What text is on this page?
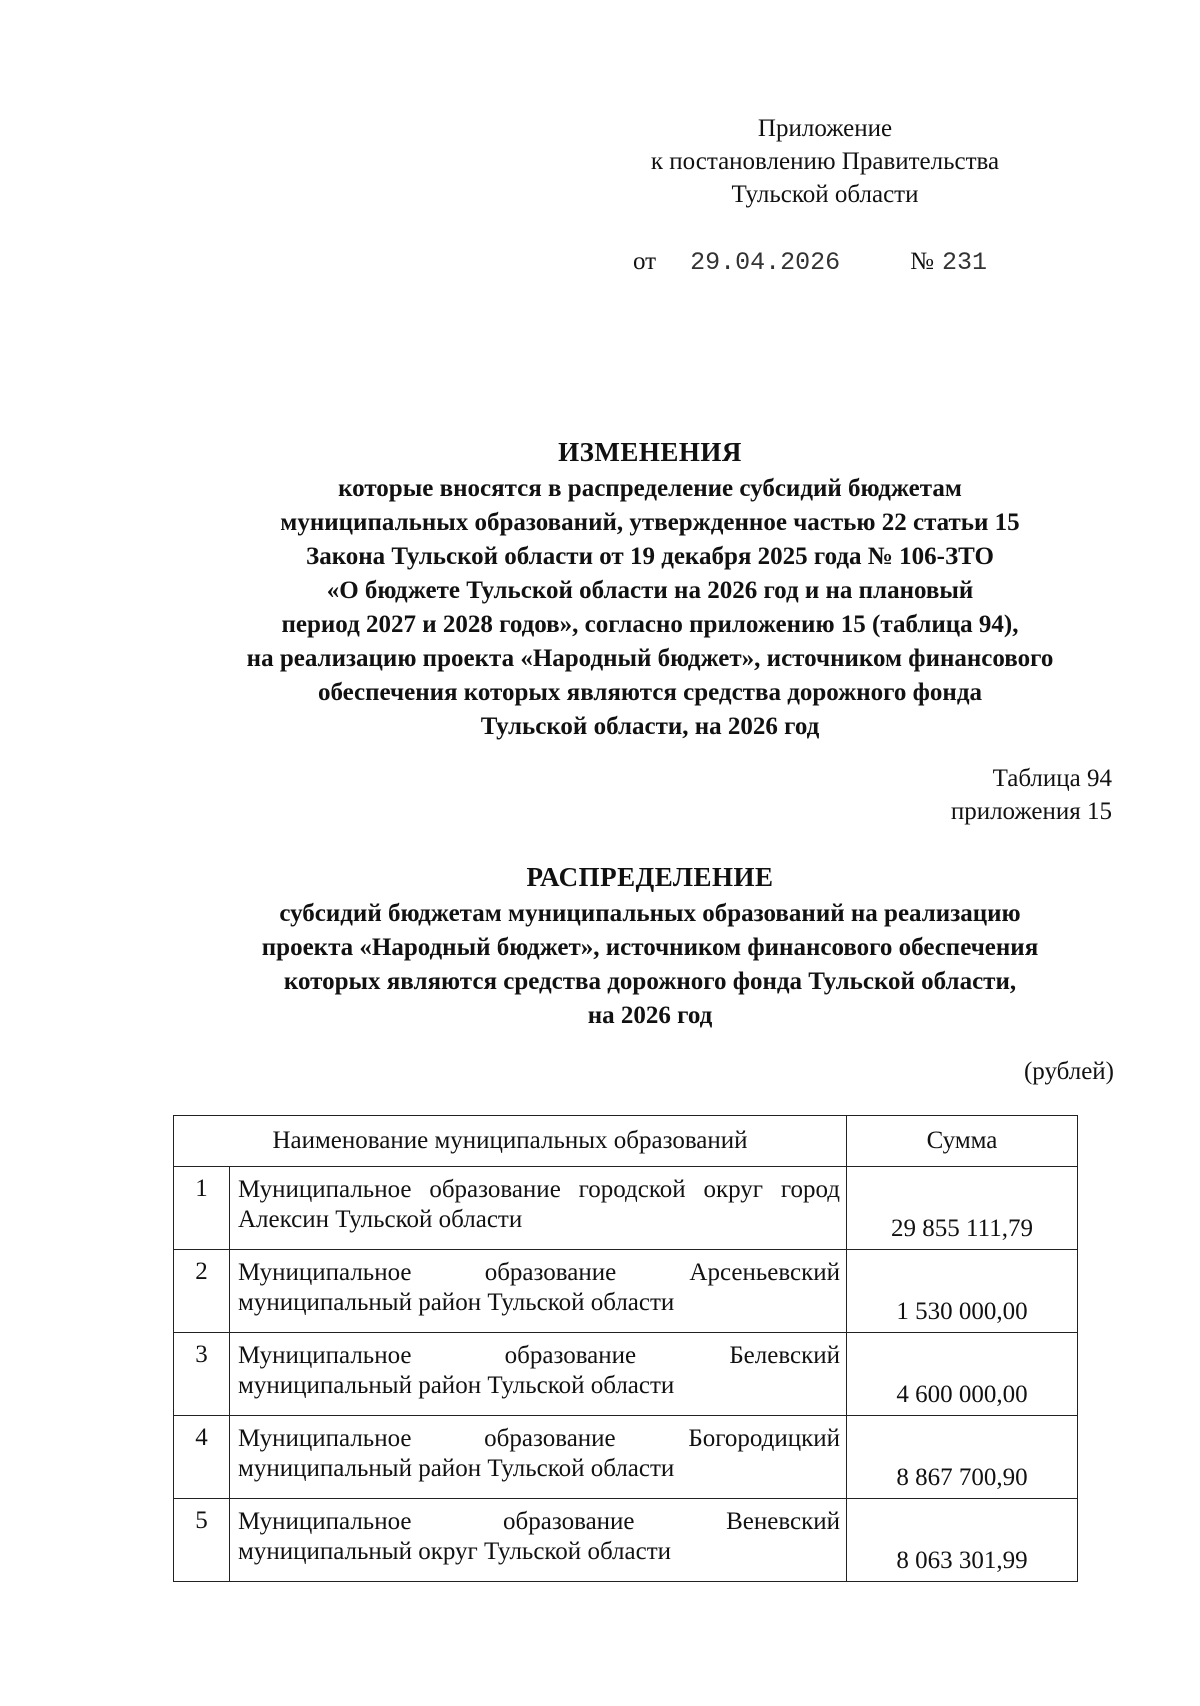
Приложение
к постановлению Правительства
Тульской области
от 29.04.2026	№ 231
ИЗМЕНЕНИЯ
которые вносятся в распределение субсидий бюджетам
муниципальных образований, утвержденное частью 22 статьи 15
Закона Тульской области от 19 декабря 2025 года № 106-ЗТО
«О бюджете Тульской области на 2026 год и на плановый
период 2027 и 2028 годов», согласно приложению 15 (таблица 94),
на реализацию проекта «Народный бюджет», источником финансового
обеспечения которых являются средства дорожного фонда
Тульской области, на 2026 год
Таблица 94
приложения 15
РАСПРЕДЕЛЕНИЕ
субсидий бюджетам муниципальных образований на реализацию
проекта «Народный бюджет», источником финансового обеспечения
которых являются средства дорожного фонда Тульской области,
на 2026 год
(рублей)
Наименование муниципальных образований		Сумма
1	Муниципальное образование городской округ город Алексин Тульской области	29 855 111,79
2	Муниципальное образование Арсеньевский муниципальный район Тульской области	1 530 000,00
3	Муниципальное образование Белевский муниципальный район Тульской области	4 600 000,00
4	Муниципальное образование Богородицкий муниципальный район Тульской области	8 867 700,90
5	Муниципальное образование Веневский муниципальный округ Тульской области	8 063 301,99
